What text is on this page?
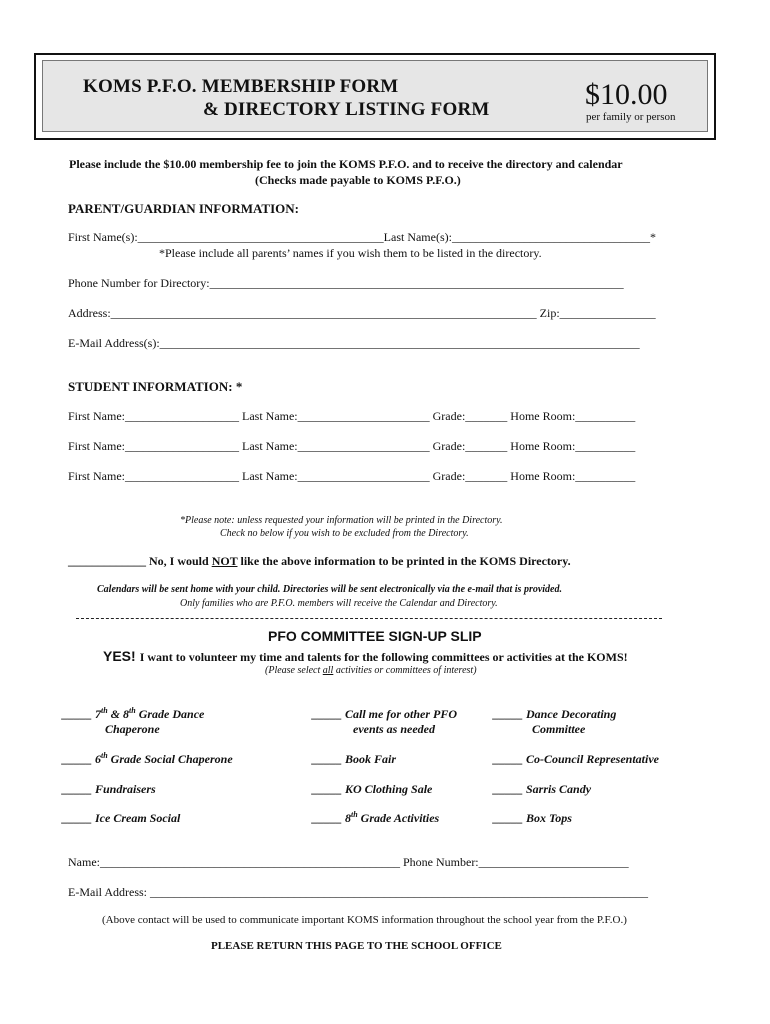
KOMS P.F.O. MEMBERSHIP FORM
& DIRECTORY LISTING FORM	$10.00
per family or person
Please include the $10.00 membership fee to join the KOMS P.F.O. and to receive the directory and calendar
(Checks made payable to KOMS P.F.O.)
PARENT/GUARDIAN INFORMATION:
First Name(s):_________________________________________Last Name(s):_________________________________*
*Please include all parents’ names if you wish them to be listed in the directory.
Phone Number for Directory:_____________________________________________________________________
Address:_______________________________________________________________________ Zip:________________
E-Mail Address(s):________________________________________________________________________________
STUDENT INFORMATION: *
First Name:___________________ Last Name:______________________ Grade:_______ Home Room:__________
First Name:___________________ Last Name:______________________ Grade:_______ Home Room:__________
First Name:___________________ Last Name:______________________ Grade:_______ Home Room:__________
*Please note: unless requested your information will be printed in the Directory.
Check no below if you wish to be excluded from the Directory.
_____________ No, I would NOT like the above information to be printed in the KOMS Directory.
Calendars will be sent home with your child. Directories will be sent electronically via the e-mail that is provided.
Only families who are P.F.O. members will receive the Calendar and Directory.
PFO COMMITTEE SIGN-UP SLIP
YES! I want to volunteer my time and talents for the following committees or activities at the KOMS!
(Please select all activities or committees of interest)
_____ 7th & 8th Grade Dance
Chaperone
_____ 6th Grade Social Chaperone
_____ Fundraisers
_____ Ice Cream Social
_____ Call me for other PFO
events as needed
_____ Book Fair
_____ KO Clothing Sale
_____ 8th Grade Activities
_____ Dance Decorating
Committee
_____ Co-Council Representative
_____ Sarris Candy
_____ Box Tops
Name:__________________________________________________ Phone Number:_________________________
E-Mail Address: ___________________________________________________________________________________
(Above contact will be used to communicate important KOMS information throughout the school year from the P.F.O.)
PLEASE RETURN THIS PAGE TO THE SCHOOL OFFICE
